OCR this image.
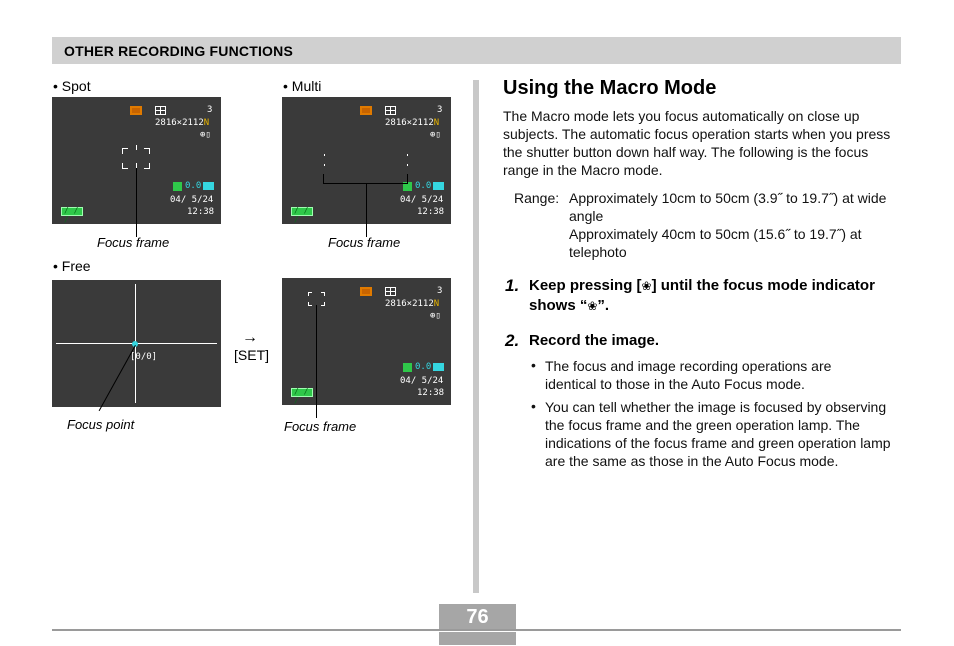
OTHER RECORDING FUNCTIONS
• Spot
3
2816×2112N
⊕▯
0.0
04/ 5/24
12:38
/ / /
Focus frame
• Multi
3
2816×2112N
⊕▯
0.0
04/ 5/24
12:38
/ / /
Focus frame
• Free
[0/0]
Focus point
→
[SET]
3
2816×2112N
⊕▯
0.0
04/ 5/24
12:38
/ / /
Focus frame
Using the Macro Mode

The Macro mode lets you focus automatically on close up subjects. The automatic focus operation starts when you press the shutter button down half way. The following is the focus range in the Macro mode.

Range: Approximately 10cm to 50cm (3.9˝ to 19.7˝) at wide angle

Approximately 40cm to 50cm (15.6˝ to 19.7˝) at telephoto

1. Keep pressing [❀] until the focus mode indicator shows “❀”.

2. Record the image.

• The focus and image recording operations are identical to those in the Auto Focus mode.

• You can tell whether the image is focused by observing the focus frame and the green operation lamp. The indications of the focus frame and green operation lamp are the same as those in the Auto Focus mode.

76
